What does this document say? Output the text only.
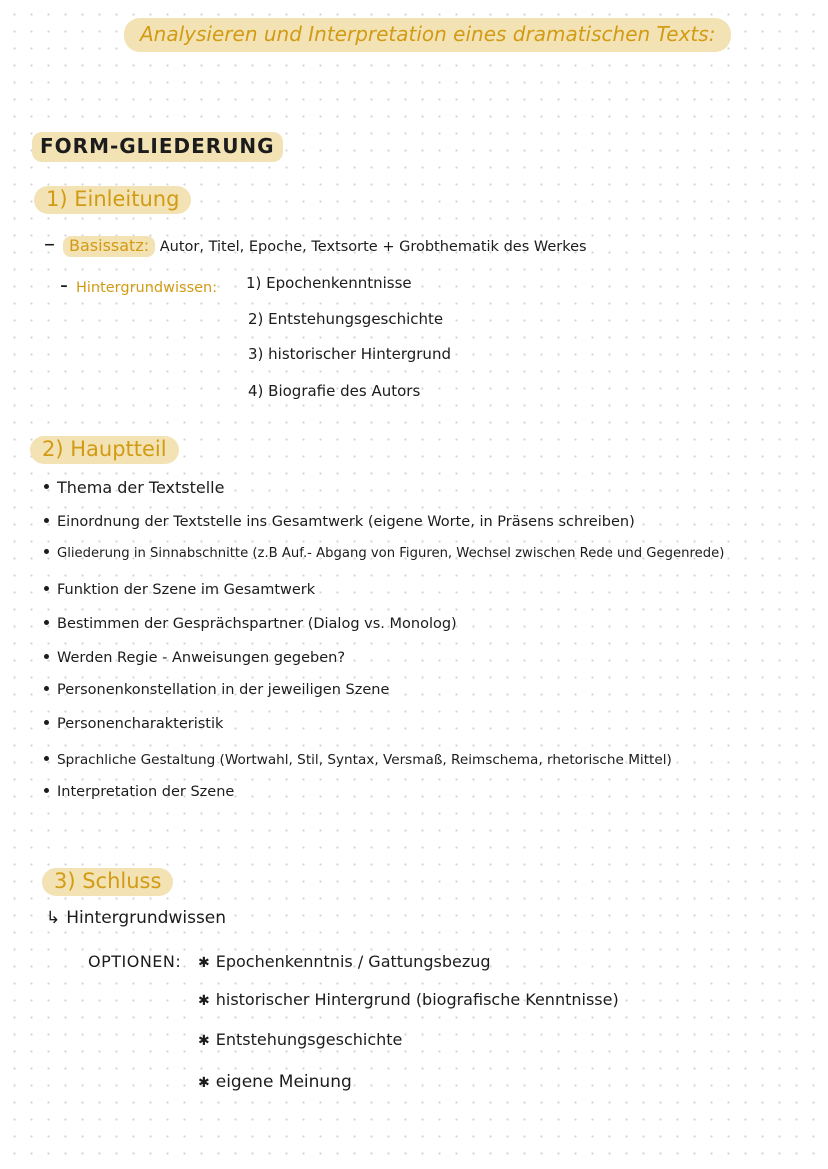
Analysieren und Interpretation eines dramatischen Texts:
FORM-GLIEDERUNG
1) Einleitung
– Basissatz: Autor, Titel, Epoche, Textsorte + Grobthematik des Werkes
- Hintergrundwissen: 1) Epochenkenntnisse
2) Entstehungsgeschichte
3) historischer Hintergrund
4) Biografie des Autors
2) Hauptteil
Thema der Textstelle
Einordnung der Textstelle ins Gesamtwerk (eigene Worte, in Präsens schreiben)
Gliederung in Sinnabschnitte (z.B Auf.- Abgang von Figuren, Wechsel zwischen Rede und Gegenrede)
Funktion der Szene im Gesamtwerk
Bestimmen der Gesprächspartner (Dialog vs. Monolog)
Werden Regie - Anweisungen gegeben?
Personenkonstellation in der jeweiligen Szene
Personencharakteristik
Sprachliche Gestaltung (Wortwahl, Stil, Syntax, Versmaß, Reimschema, rhetorische Mittel)
Interpretation der Szene
3) Schluss
↳ Hintergrundwissen
OPTIONEN: ✱ Epochenkenntnis / Gattungsbezug
✱ historischer Hintergrund (biografische Kenntnisse)
✱ Entstehungsgeschichte
✱ eigene Meinung
